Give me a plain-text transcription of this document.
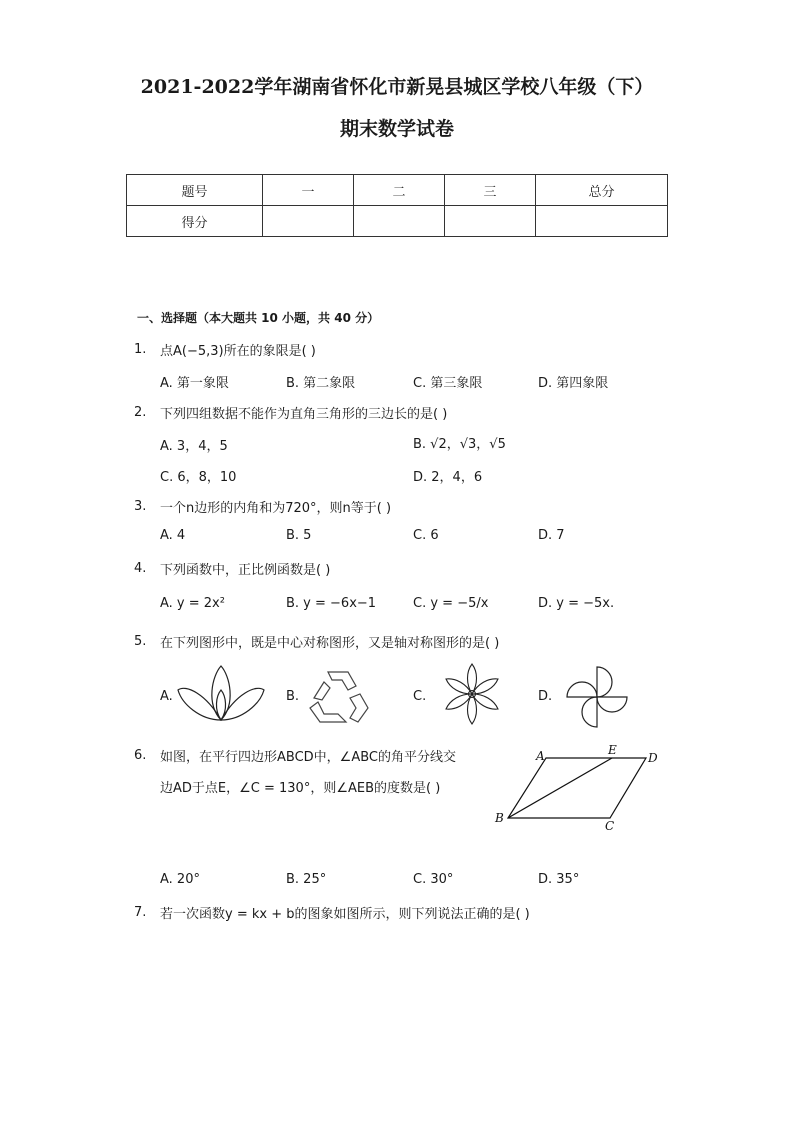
2021-2022学年湖南省怀化市新晃县城区学校八年级（下）
期末数学试卷
题号	一	二	三	总分
得分				
一、选择题（本大题共 10 小题，共 40 分）
1. 点A(−5,3)所在的象限是( )
A. 第一象限	B. 第二象限	C. 第三象限	D. 第四象限
2. 下列四组数据不能作为直角三角形的三边长的是( )
A. 3，4，5	B. √2，√3，√5
C. 6，8，10	D. 2，4，6
3. 一个n边形的内角和为720°，则n等于( )
A. 4	B. 5	C. 6	D. 7
4. 下列函数中，正比例函数是( )
A. y = 2x²	B. y = −6x−1	C. y = −5/x	D. y = −5x.
5. 在下列图形中，既是中心对称图形，又是轴对称图形的是( )
A.	B.	C.	D.
6. 如图，在平行四边形ABCD中，∠ABC的角平分线交
边AD于点E，∠C = 130°，则∠AEB的度数是( )
A	E
D
B
C
A. 20°	B. 25°	C. 30°	D. 35°
7. 若一次函数y = kx + b的图象如图所示，则下列说法正确的是( )
